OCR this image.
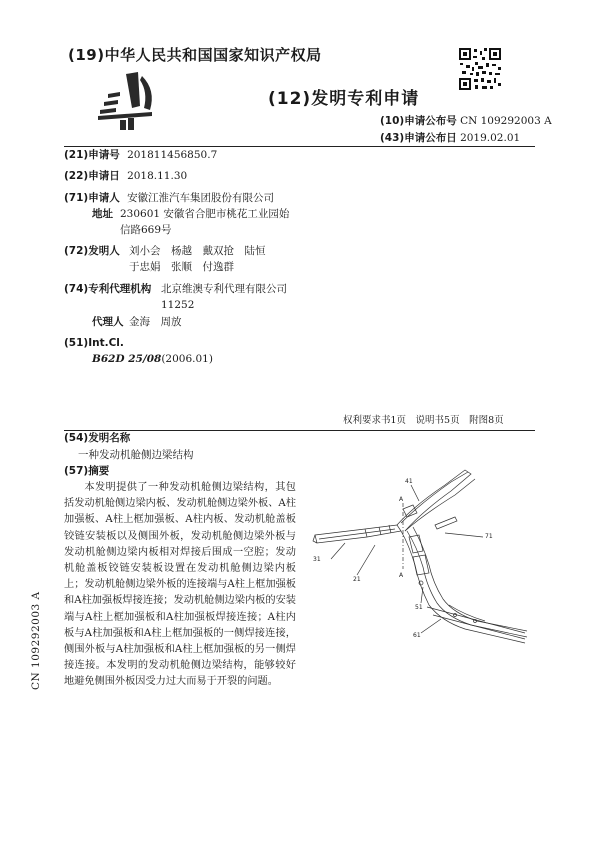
(19)中华人民共和国国家知识产权局
(12)发明专利申请
(10)申请公布号 CN 109292003 A
(43)申请公布日 2019.02.01
(21)申请号 201811456850.7
(22)申请日 2018.11.30
(71)申请人 安徽江淮汽车集团股份有限公司
地址 230601 安徽省合肥市桃花工业园始
信路669号
(72)发明人 刘小会　杨越　戴双抢　陆恒
于忠娟　张顺　付逸群
(74)专利代理机构 北京维澳专利代理有限公司
11252
代理人 金海　周放
(51)Int.Cl.
B62D 25/08(2006.01)
权利要求书1页　说明书5页　附图8页
(54)发明名称
一种发动机舱侧边梁结构
(57)摘要
本发明提供了一种发动机舱侧边梁结构，其包括发动机舱侧边梁内板、发动机舱侧边梁外板、A柱加强板、A柱上框加强板、A柱内板、发动机舱盖板铰链安装板以及侧围外板，发动机舱侧边梁外板与发动机舱侧边梁内板相对焊接后围成一空腔；发动机舱盖板铰链安装板设置在发动机舱侧边梁内板上；发动机舱侧边梁外板的连接端与A柱上框加强板和A柱加强板焊接连接；发动机舱侧边梁内板的安装端与A柱上框加强板和A柱加强板焊接连接；A柱内板与A柱加强板和A柱上框加强板的一侧焊接连接，侧围外板与A柱加强板和A柱上框加强板的另一侧焊接连接。本发明的发动机舱侧边梁结构，能够较好地避免侧围外板因受力过大而易于开裂的问题。
41
71
31
21
51
61
A
A
CN 109292003 A
